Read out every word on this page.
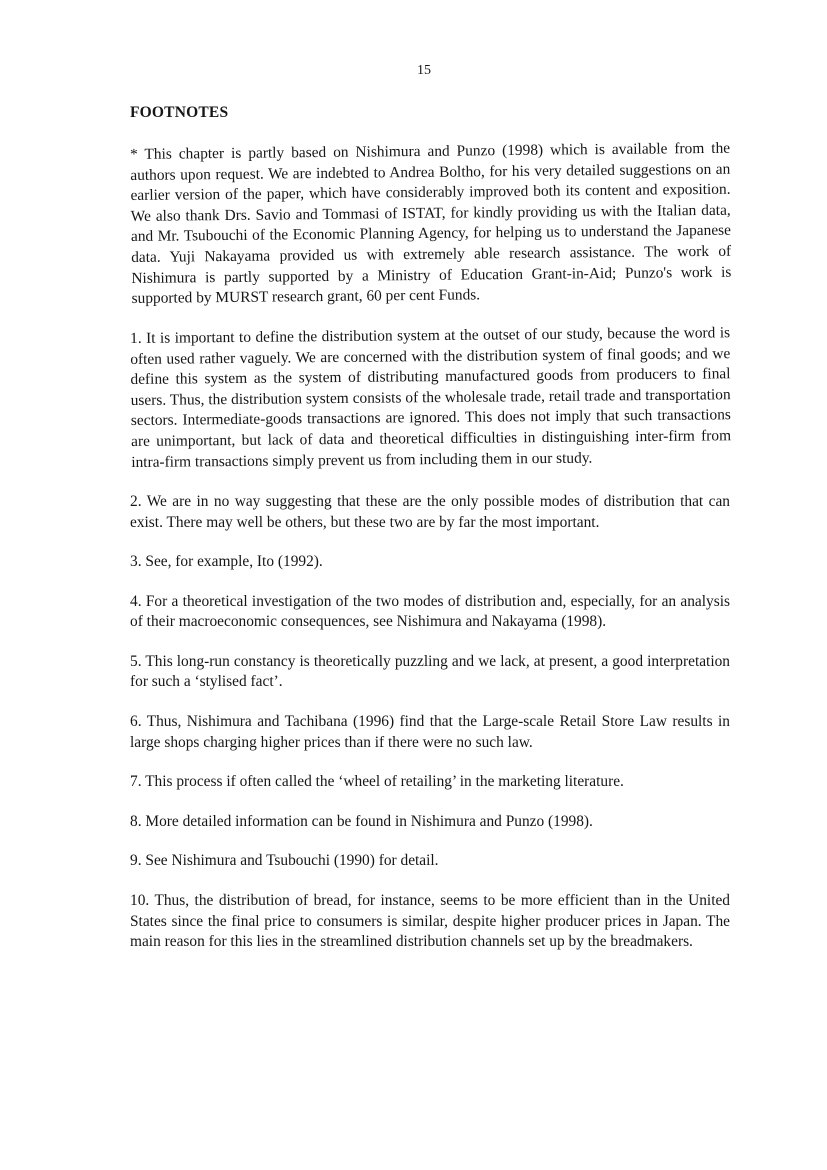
15
FOOTNOTES

* This chapter is partly based on Nishimura and Punzo (1998) which is available from the authors upon request. We are indebted to Andrea Boltho, for his very detailed suggestions on an earlier version of the paper, which have considerably improved both its content and exposition. We also thank Drs. Savio and Tommasi of ISTAT, for kindly providing us with the Italian data, and Mr. Tsubouchi of the Economic Planning Agency, for helping us to understand the Japanese data. Yuji Nakayama provided us with extremely able research assistance. The work of Nishimura is partly supported by a Ministry of Education Grant-in-Aid; Punzo's work is supported by MURST research grant, 60 per cent Funds.

1. It is important to define the distribution system at the outset of our study, because the word is often used rather vaguely. We are concerned with the distribution system of final goods; and we define this system as the system of distributing manufactured goods from producers to final users. Thus, the distribution system consists of the wholesale trade, retail trade and transportation sectors. Intermediate-goods transactions are ignored. This does not imply that such transactions are unimportant, but lack of data and theoretical difficulties in distinguishing inter-firm from intra-firm transactions simply prevent us from including them in our study.

2. We are in no way suggesting that these are the only possible modes of distribution that can exist. There may well be others, but these two are by far the most important.

3. See, for example, Ito (1992).

4. For a theoretical investigation of the two modes of distribution and, especially, for an analysis of their macroeconomic consequences, see Nishimura and Nakayama (1998).

5. This long-run constancy is theoretically puzzling and we lack, at present, a good interpretation for such a ‘stylised fact’.

6. Thus, Nishimura and Tachibana (1996) find that the Large-scale Retail Store Law results in large shops charging higher prices than if there were no such law.

7. This process if often called the ‘wheel of retailing’ in the marketing literature.

8. More detailed information can be found in Nishimura and Punzo (1998).

9. See Nishimura and Tsubouchi (1990) for detail.

10. Thus, the distribution of bread, for instance, seems to be more efficient than in the United States since the final price to consumers is similar, despite higher producer prices in Japan. The main reason for this lies in the streamlined distribution channels set up by the breadmakers.
